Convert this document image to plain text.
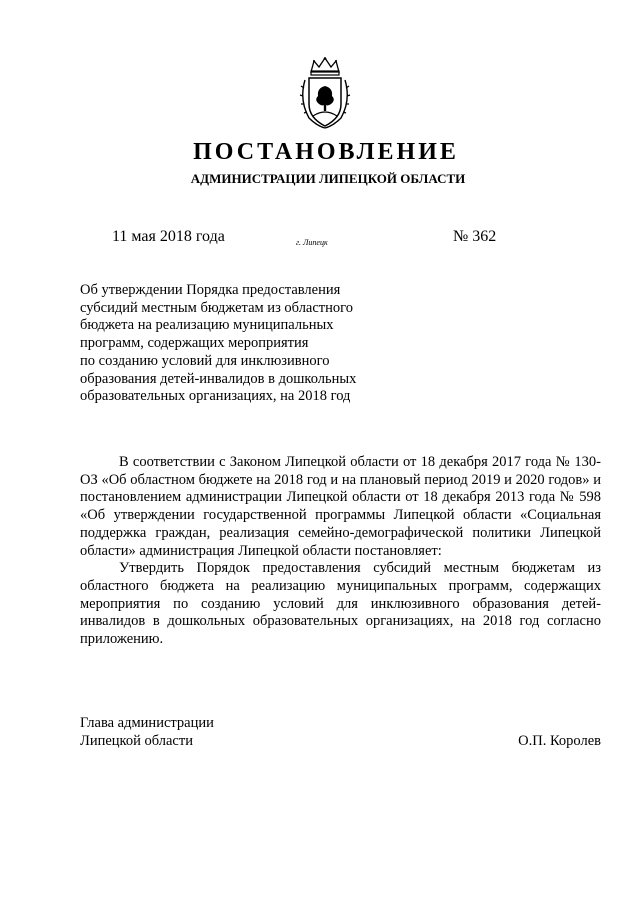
ПОСТАНОВЛЕНИЕ
АДМИНИСТРАЦИИ ЛИПЕЦКОЙ ОБЛАСТИ
11 мая 2018 года	г. Липецк	№ 362
Об утверждении Порядка предоставления
субсидий местным бюджетам из областного
бюджета на реализацию муниципальных
программ, содержащих мероприятия
по созданию условий для инклюзивного
образования детей-инвалидов в дошкольных
образовательных организациях, на 2018 год

В соответствии с Законом Липецкой области от 18 декабря 2017 года № 130-ОЗ «Об областном бюджете на 2018 год и на плановый период 2019 и 2020 годов» и постановлением администрации Липецкой области от 18 декабря 2013 года № 598 «Об утверждении государственной программы Липецкой области «Социальная поддержка граждан, реализация семейно-демографической политики Липецкой области» администрация Липецкой области постановляет:

Утвердить Порядок предоставления субсидий местным бюджетам из областного бюджета на реализацию муниципальных программ, содержащих мероприятия по созданию условий для инклюзивного образования детей-инвалидов в дошкольных образовательных организациях, на 2018 год согласно приложению.

Глава администрации
Липецкой области	О.П. Королев
